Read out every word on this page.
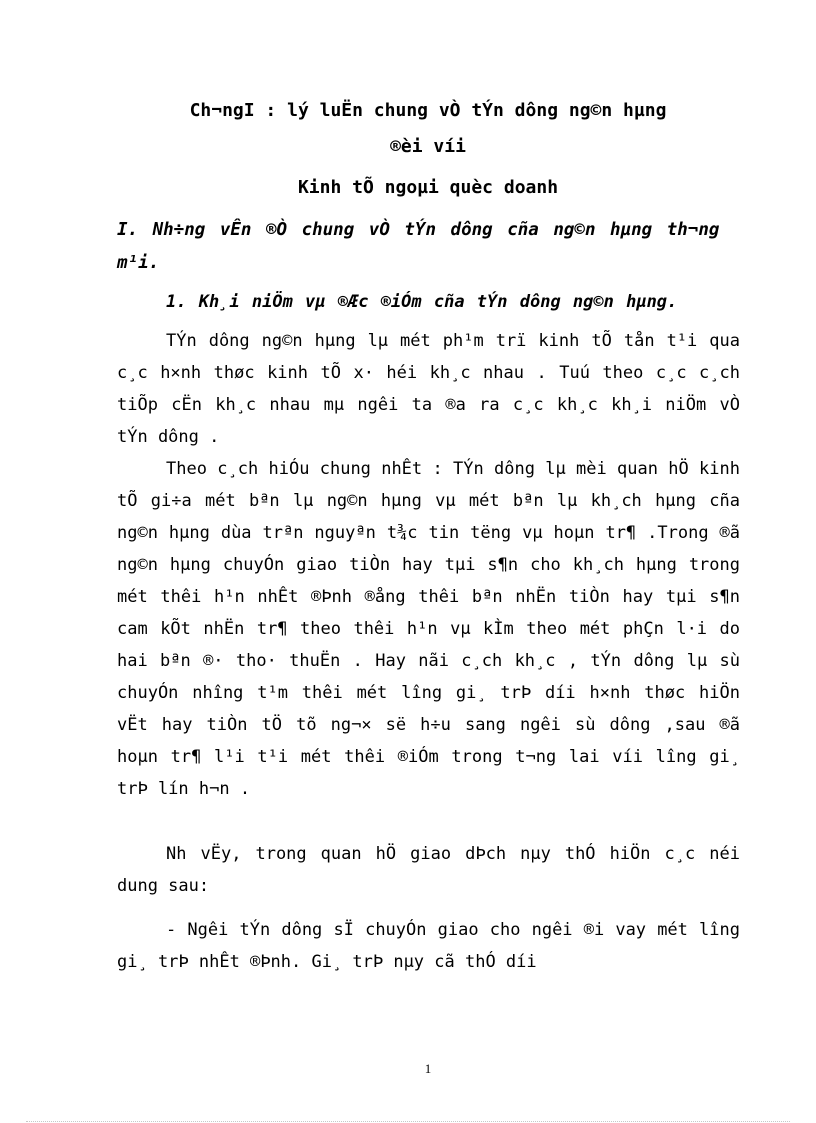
Ch¬ngI : lý luËn chung vÒ tÝn dông ng©n hµng
®èi víi
Kinh tÕ ngoµi quèc doanh
I. Nh÷ng vÊn ®Ò chung vÒ tÝn dông cña ng©n hµng th¬ng m¹i.
1. Kh¸i niÖm vµ ®Æc ®iÓm cña tÝn dông ng©n hµng.
TÝn dông ng©n hµng lµ mét ph¹m trï kinh tÕ tån t¹i qua c¸c h×nh thøc kinh tÕ x· héi kh¸c nhau . Tuú theo c¸c c¸ch tiÕp cËn kh¸c nhau mµ ngêi ta ®a ra c¸c kh¸c kh¸i niÖm vÒ tÝn dông .
Theo c¸ch hiÓu chung nhÊt : TÝn dông lµ mèi quan hÖ kinh tÕ gi÷a mét bªn lµ ng©n hµng vµ mét bªn lµ kh¸ch hµng cña ng©n hµng dùa trªn nguyªn t¾c tin tëng vµ hoµn tr¶ .Trong ®ã ng©n hµng chuyÓn giao tiÒn hay tµi s¶n cho kh¸ch hµng trong mét thêi h¹n nhÊt ®Þnh ®ång thêi bªn nhËn tiÒn hay tµi s¶n cam kÕt nhËn tr¶ theo thêi h¹n vµ kÌm theo mét phÇn l·i do hai bªn ®· tho· thuËn . Hay nãi c¸ch kh¸c , tÝn dông lµ sù chuyÓn nhîng t¹m thêi mét lîng gi¸ trÞ díi h×nh thøc hiÖn vËt hay tiÒn tÖ tõ ng¬× së h÷u sang ngêi sù dông ,sau ®ã hoµn tr¶ l¹i t¹i mét thêi ®iÓm trong t¬ng lai víi lîng gi¸ trÞ lín h¬n .
Nh vËy, trong quan hÖ giao dÞch nµy thÓ hiÖn c¸c néi dung sau:
- Ngêi tÝn dông sÏ chuyÓn giao cho ngêi ®i vay mét lîng gi¸ trÞ nhÊt ®Þnh. Gi¸ trÞ nµy cã thÓ díi
1
